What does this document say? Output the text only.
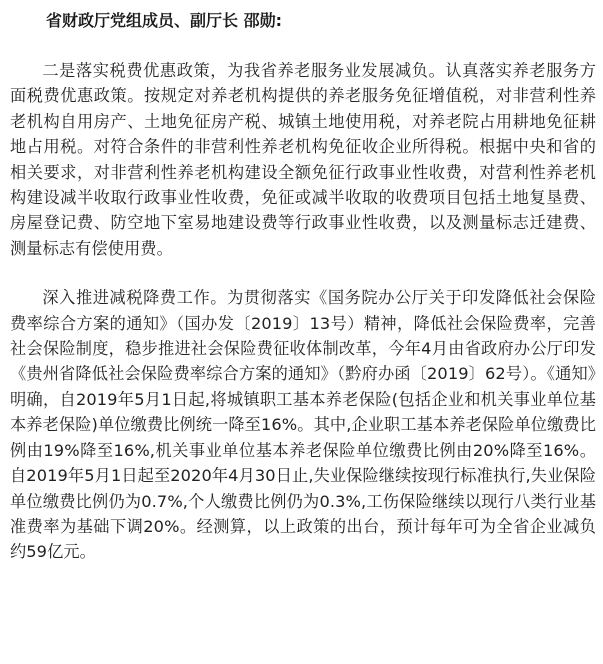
省财政厅党组成员、副厅长 邵勋:

二是落实税费优惠政策，为我省养老服务业发展减负。认真落实养老服务方面税费优惠政策。按规定对养老机构提供的养老服务免征增值税，对非营利性养老机构自用房产、土地免征房产税、城镇土地使用税，对养老院占用耕地免征耕地占用税。对符合条件的非营利性养老机构免征收企业所得税。根据中央和省的相关要求，对非营利性养老机构建设全额免征行政事业性收费，对营利性养老机构建设减半收取行政事业性收费，免征或减半收取的收费项目包括土地复垦费、房屋登记费、防空地下室易地建设费等行政事业性收费，以及测量标志迁建费、测量标志有偿使用费。

深入推进减税降费工作。为贯彻落实《国务院办公厅关于印发降低社会保险费率综合方案的通知》（国办发〔2019〕13号）精神，降低社会保险费率，完善社会保险制度，稳步推进社会保险费征收体制改革，今年4月由省政府办公厅印发《贵州省降低社会保险费率综合方案的通知》（黔府办函〔2019〕62号）。《通知》明确，自2019年5月1日起,将城镇职工基本养老保险(包括企业和机关事业单位基本养老保险)单位缴费比例统一降至16%。其中,企业职工基本养老保险单位缴费比例由19%降至16%,机关事业单位基本养老保险单位缴费比例由20%降至16%。自2019年5月1日起至2020年4月30日止,失业保险继续按现行标准执行,失业保险单位缴费比例仍为0.7%,个人缴费比例仍为0.3%,工伤保险继续以现行八类行业基准费率为基础下调20%。经测算，以上政策的出台，预计每年可为全省企业减负约59亿元。
